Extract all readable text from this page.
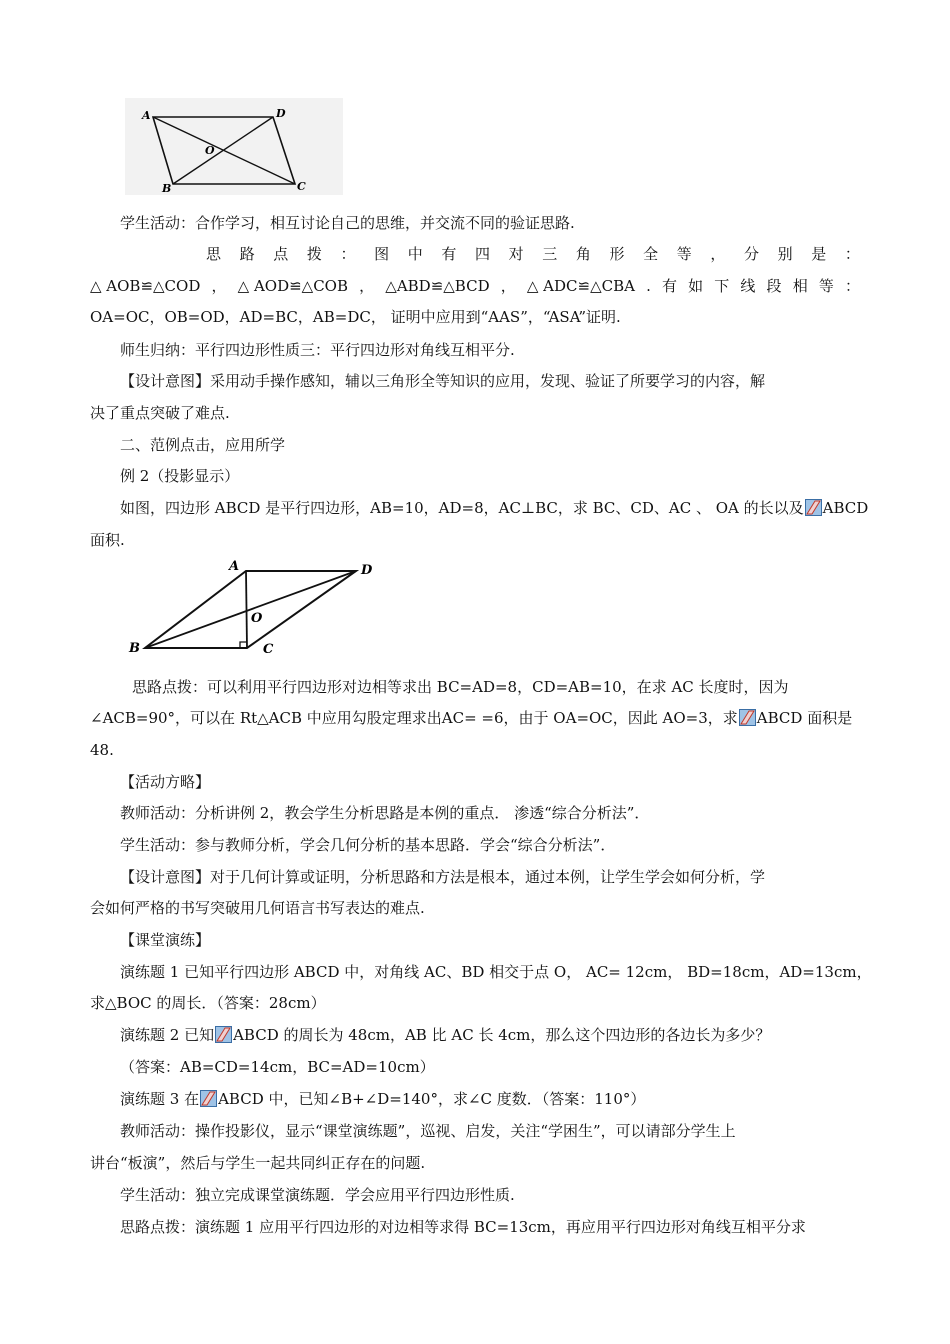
A	D
O
B	C
学生活动：合作学习，相互讨论自己的思维，并交流不同的验证思路.
思 路 点 拨 ： 图 中 有 四 对 三 角 形 全 等 ， 分 别 是 ：
△ AOB≌△COD ， △ AOD≌△COB ， △ABD≌△BCD ， △ ADC≌△CBA . 有 如 下 线 段 相 等 ：
OA=OC，OB=OD，AD=BC，AB=DC， 证明中应用到“AAS”，“ASA”证明.
师生归纳：平行四边形性质三：平行四边形对角线互相平分.
【设计意图】采用动手操作感知，辅以三角形全等知识的应用，发现、验证了所要学习的内容，解
决了重点突破了难点.
二、范例点击，应用所学
例 2（投影显示）
如图，四边形 ABCD 是平行四边形，AB=10，AD=8，AC⊥BC，求 BC、CD、AC 、 OA 的长以及 ABCD
面积.
A	D
O
B	C
思路点拨：可以利用平行四边形对边相等求出 BC=AD=8，CD=AB=10，在求 AC 长度时，因为
∠ACB=90°，可以在 Rt△ACB 中应用勾股定理求出AC= =6，由于 OA=OC，因此 AO=3，求 ABCD 面积是
48.
【活动方略】
教师活动：分析讲例 2，教会学生分析思路是本例的重点． 渗透“综合分析法”．
学生活动：参与教师分析，学会几何分析的基本思路．学会“综合分析法”．
【设计意图】对于几何计算或证明，分析思路和方法是根本，通过本例，让学生学会如何分析，学
会如何严格的书写突破用几何语言书写表达的难点.
【课堂演练】
演练题 1 已知平行四边形 ABCD 中，对角线 AC、BD 相交于点 O， AC= 12cm， BD=18cm，AD=13cm，
求△BOC 的周长．（答案：28cm）
演练题 2 已知 ABCD 的周长为 48cm，AB 比 AC 长 4cm，那么这个四边形的各边长为多少？
（答案：AB=CD=14cm，BC=AD=10cm）
演练题 3 在 ABCD 中，已知∠B+∠D=140°，求∠C 度数．（答案：110°）
教师活动：操作投影仪，显示“课堂演练题”，巡视、启发，关注“学困生”，可以请部分学生上
讲台“板演”，然后与学生一起共同纠正存在的问题.
学生活动：独立完成课堂演练题．学会应用平行四边形性质.
思路点拨：演练题 1 应用平行四边形的对边相等求得 BC=13cm，再应用平行四边形对角线互相平分求
